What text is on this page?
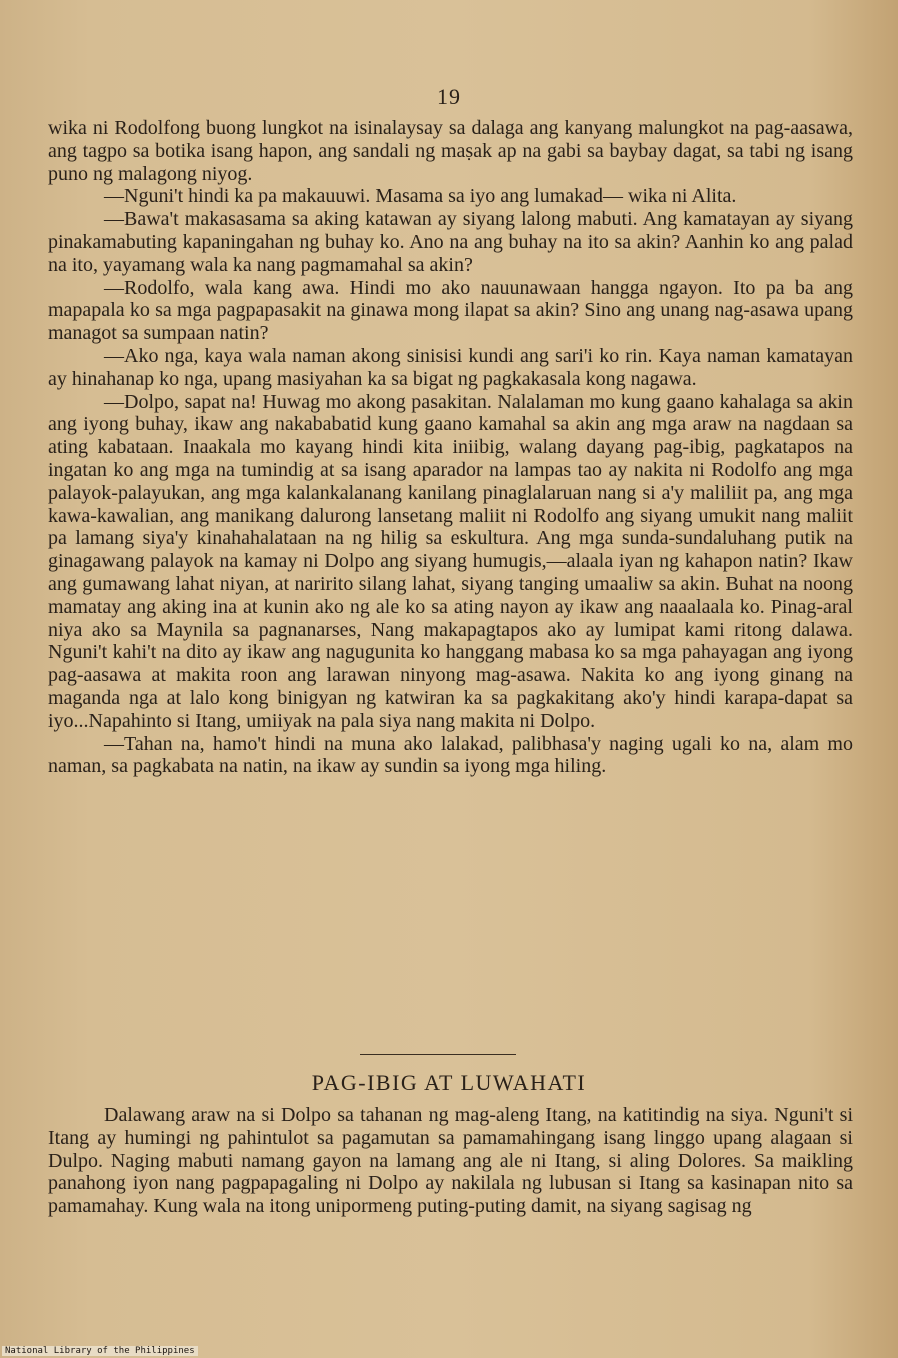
19

wika ni Rodolfong buong lungkot na isinalaysay sa dalaga ang kanyang malungkot na pag-aasawa, ang tagpo sa botika isang hapon, ang sandali ng maṣak ap na gabi sa baybay dagat, sa tabi ng isang puno ng malagong niyog.

—Nguni't hindi ka pa makauuwi. Masama sa iyo ang lumakad— wika ni Alita.

—Bawa't makasasama sa aking katawan ay siyang lalong mabuti. Ang kamatayan ay siyang pinakamabuting kapaningahan ng buhay ko. Ano na ang buhay na ito sa akin? Aanhin ko ang palad na ito, yayamang wala ka nang pagmamahal sa akin?

—Rodolfo, wala kang awa. Hindi mo ako nauunawaan hangga ngayon. Ito pa ba ang mapapala ko sa mga pagpapasakit na ginawa mong ilapat sa akin? Sino ang unang nag-asawa upang managot sa sumpaan natin?

—Ako nga, kaya wala naman akong sinisisi kundi ang sari'i ko rin. Kaya naman kamatayan ay hinahanap ko nga, upang masiyahan ka sa bigat ng pagkakasala kong nagawa.

—Dolpo, sapat na! Huwag mo akong pasakitan. Nalalaman mo kung gaano kahalaga sa akin ang iyong buhay, ikaw ang nakababatid kung gaano kamahal sa akin ang mga araw na nagdaan sa ating kabataan. Inaakala mo kayang hindi kita iniibig, walang dayang pag-ibig, pagkatapos na ingatan ko ang mga na tumindig at sa isang aparador na lampas tao ay nakita ni Rodolfo ang mga palayok-palayukan, ang mga kalankalanang kanilang pinaglalaruan nang si a'y maliliit pa, ang mga kawa-kawalian, ang manikang dalurong lansetang maliit ni Rodolfo ang siyang umukit nang maliit pa lamang siya'y kinahahalataan na ng hilig sa eskultura. Ang mga sunda-sundaluhang putik na ginagawang palayok na kamay ni Dolpo ang siyang humugis,—alaala iyan ng kahapon natin? Ikaw ang gumawang lahat niyan, at naririto silang lahat, siyang tanging umaaliw sa akin. Buhat na noong mamatay ang aking ina at kunin ako ng ale ko sa ating nayon ay ikaw ang naaalaala ko. Pinag-aral niya ako sa Maynila sa pagnanarses, Nang makapagtapos ako ay lumipat kami ritong dalawa. Nguni't kahi't na dito ay ikaw ang nagugunita ko hanggang mabasa ko sa mga pahayagan ang iyong pag-aasawa at makita roon ang larawan ninyong mag-asawa. Nakita ko ang iyong ginang na maganda nga at lalo kong binigyan ng katwiran ka sa pagkakitang ako'y hindi karapa-dapat sa iyo...Napahinto si Itang, umiiyak na pala siya nang makita ni Dolpo.

—Tahan na, hamo't hindi na muna ako lalakad, palibhasa'y naging ugali ko na, alam mo naman, sa pagkabata na natin, na ikaw ay sundin sa iyong mga hiling.

PAG-IBIG AT LUWAHATI

Dalawang araw na si Dolpo sa tahanan ng mag-aleng Itang, na katitindig na siya. Nguni't si Itang ay humingi ng pahintulot sa pagamutan sa pamamahingang isang linggo upang alagaan si Dulpo. Naging mabuti namang gayon na lamang ang ale ni Itang, si aling Dolores. Sa maikling panahong iyon nang pagpapagaling ni Dolpo ay nakilala ng lubusan si Itang sa kasinapan nito sa pamamahay. Kung wala na itong unipormeng puting-puting damit, na siyang sagisag ng

National Library of the Philippines
